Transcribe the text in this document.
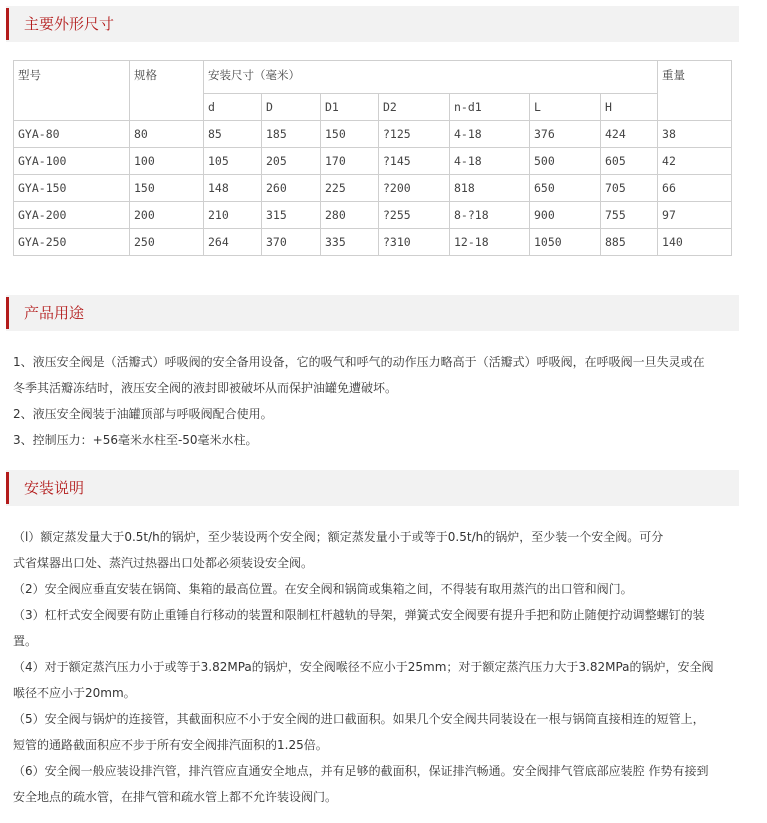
主要外形尺寸
型号	规格	安装尺寸（毫米）							重量
		d	D	D1	D2	n-d1	L	H	
GYA-80	80	85	185	150	?125	4-18	376	424	38
GYA-100	100	105	205	170	?145	4-18	500	605	42
GYA-150	150	148	260	225	?200	818	650	705	66
GYA-200	200	210	315	280	?255	8-?18	900	755	97
GYA-250	250	264	370	335	?310	12-18	1050	885	140
产品用途

1、液压安全阀是（活瓣式）呼吸阀的安全备用设备，它的吸气和呼气的动作压力略高于（活瓣式）呼吸阀，在呼吸阀一旦失灵或在

冬季其活瓣冻结时，液压安全阀的液封即被破坏从而保护油罐免遭破坏。

2、液压安全阀装于油罐顶部与呼吸阀配合使用。

3、控制压力：+56毫米水柱至-50毫米水柱。

安装说明

（l）额定蒸发量大于0.5t/h的锅炉，至少装设两个安全阀；额定蒸发量小于或等于0.5t/h的锅炉，至少装一个安全阀。可分

式省煤器出口处、蒸汽过热器出口处都必须装设安全阀。

（2）安全阀应垂直安装在锅筒、集箱的最高位置。在安全阀和锅筒或集箱之间，不得装有取用蒸汽的出口管和阀门。

（3）杠杆式安全阀要有防止重锤自行移动的装置和限制杠杆越轨的导架，弹簧式安全阀要有提升手把和防止随便拧动调整螺钉的装

置。

（4）对于额定蒸汽压力小于或等于3.82MPa的锅炉，安全阀喉径不应小于25mm；对于额定蒸汽压力大于3.82MPa的锅炉，安全阀

喉径不应小于20mm。

（5）安全阀与锅炉的连接管，其截面积应不小于安全阀的进口截面积。如果几个安全阀共同装设在一根与锅筒直接相连的短管上，

短管的通路截面积应不步于所有安全阀排汽面积的1.25倍。

（6）安全阀一般应装设排汽管，排汽管应直通安全地点，并有足够的截面积，保证排汽畅通。安全阀排气管底部应装腔 作势有接到

安全地点的疏水管，在排气管和疏水管上都不允许装设阀门。
